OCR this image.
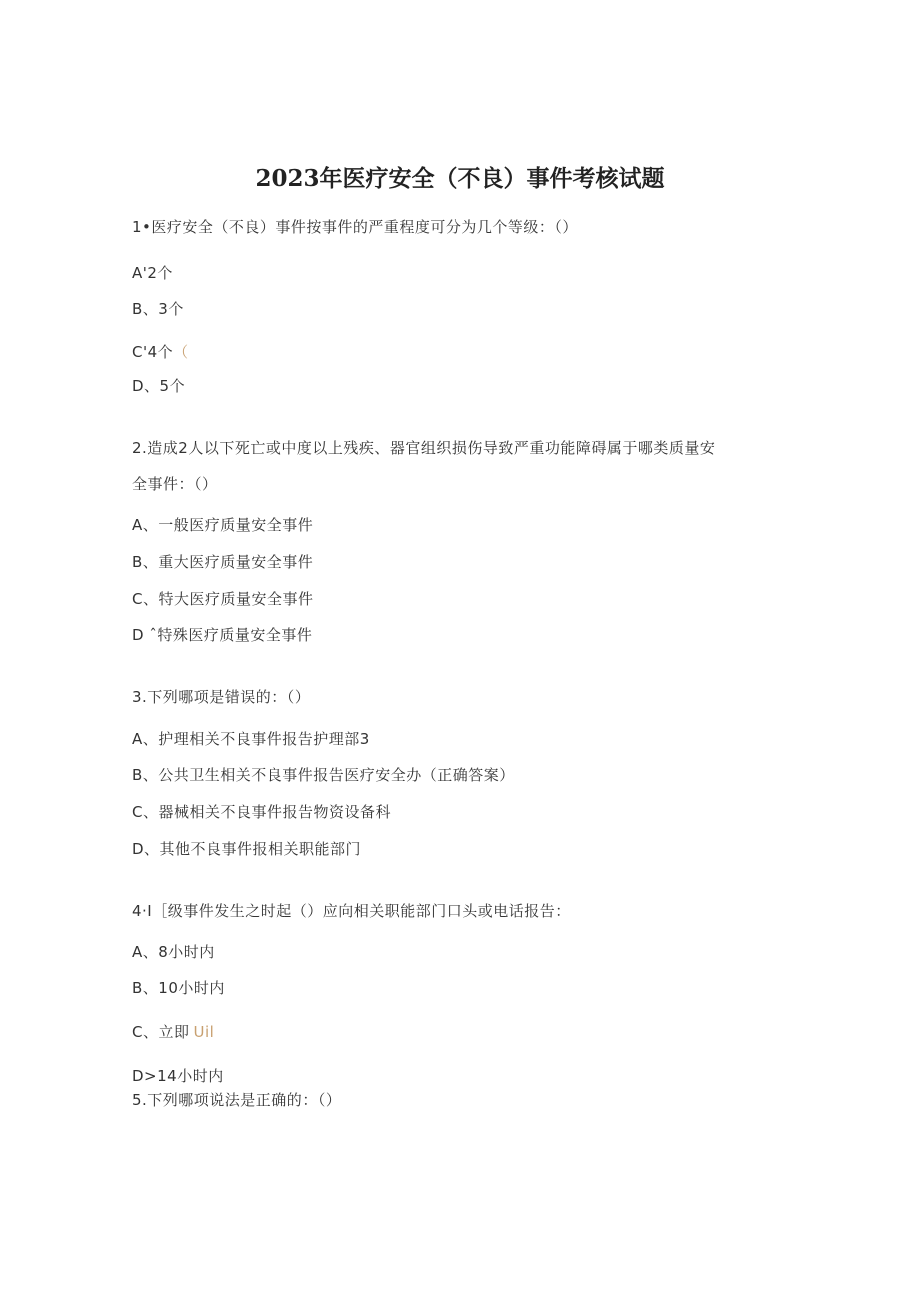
2023年医疗安全（不良）事件考核试题
1•医疗安全（不良）事件按事件的严重程度可分为几个等级：（）
A'2个
B、3个
C'4个（
D、5个
2.造成2人以下死亡或中度以上残疾、器官组织损伤导致严重功能障碍属于哪类质量安
全事件：（）
A、一般医疗质量安全事件
B、重大医疗质量安全事件
C、特大医疗质量安全事件
D ˆ特殊医疗质量安全事件
3.下列哪项是错误的：（）
A、护理相关不良事件报告护理部3
B、公共卫生相关不良事件报告医疗安全办（正确答案）
C、器械相关不良事件报告物资设备科
D、其他不良事件报相关职能部门
4·I［级事件发生之时起（）应向相关职能部门口头或电话报告：
A、8小时内
B、10小时内
C、立即 Uil
D>14小时内
5.下列哪项说法是正确的：（）
